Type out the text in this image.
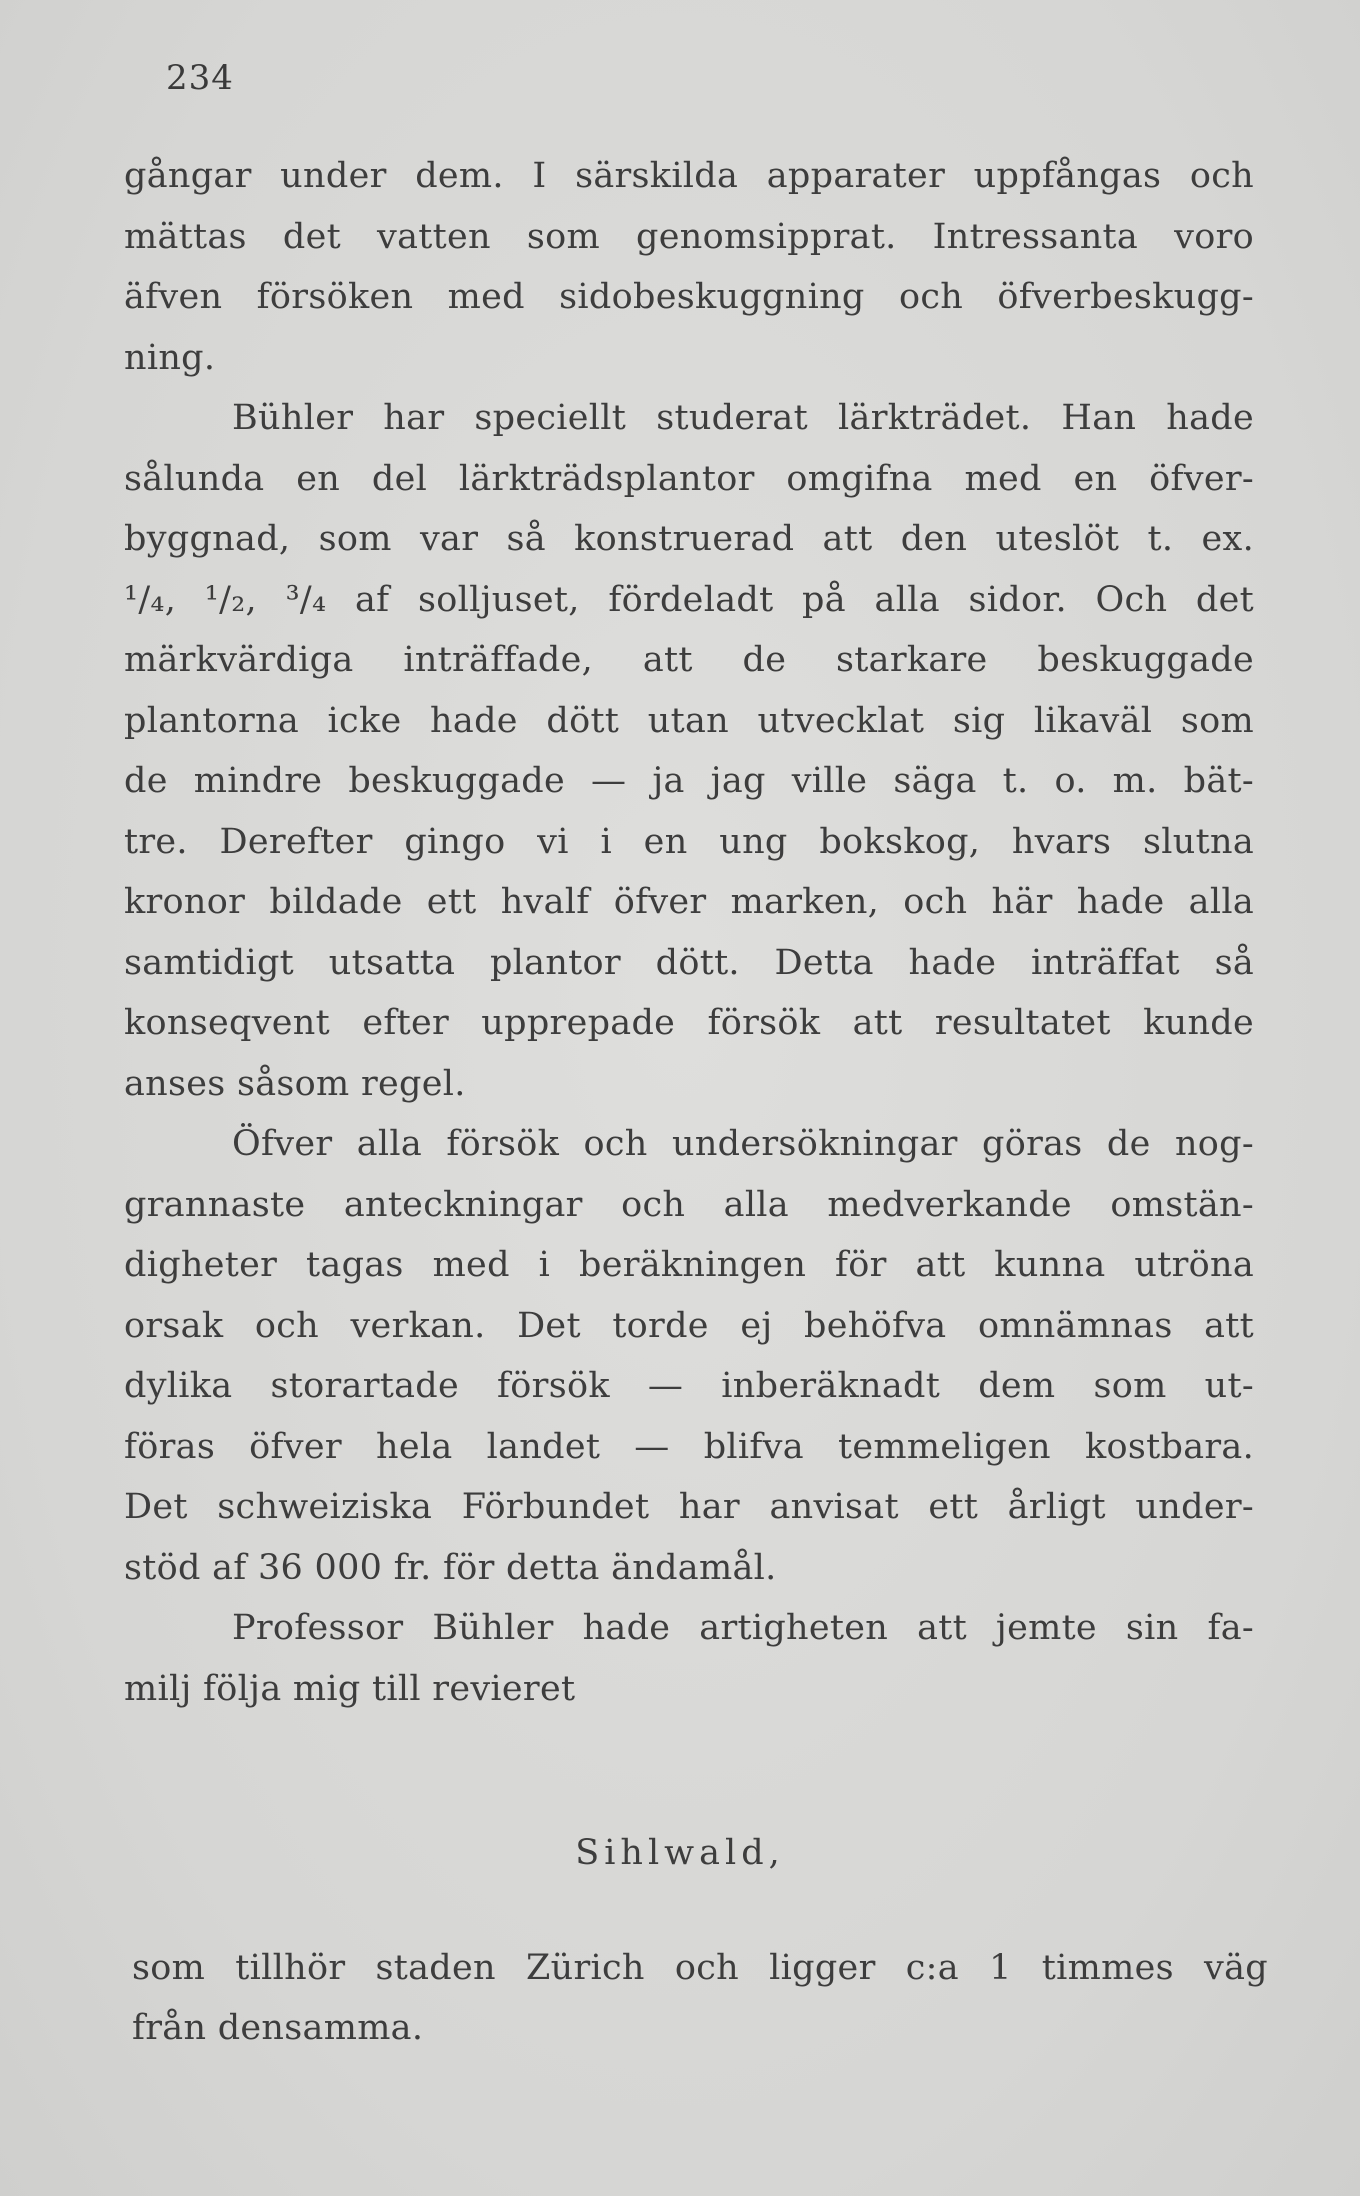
234
gångar under dem. I särskilda apparater uppfångas och
mättas det vatten som genomsipprat. Intressanta voro
äfven försöken med sidobeskuggning och öfverbeskugg-
ning.
Bühler har speciellt studerat lärkträdet. Han hade
sålunda en del lärkträdsplantor omgifna med en öfver-
byggnad, som var så konstruerad att den uteslöt t. ex.
¹/₄, ¹/₂, ³/₄ af solljuset, fördeladt på alla sidor. Och det
märkvärdiga inträffade, att de starkare beskuggade
plantorna icke hade dött utan utvecklat sig likaväl som
de mindre beskuggade — ja jag ville säga t. o. m. bät-
tre. Derefter gingo vi i en ung bokskog, hvars slutna
kronor bildade ett hvalf öfver marken, och här hade alla
samtidigt utsatta plantor dött. Detta hade inträffat så
konseqvent efter upprepade försök att resultatet kunde
anses såsom regel.
Öfver alla försök och undersökningar göras de nog-
grannaste anteckningar och alla medverkande omstän-
digheter tagas med i beräkningen för att kunna utröna
orsak och verkan. Det torde ej behöfva omnämnas att
dylika storartade försök — inberäknadt dem som ut-
föras öfver hela landet — blifva temmeligen kostbara.
Det schweiziska Förbundet har anvisat ett årligt under-
stöd af 36 000 fr. för detta ändamål.
Professor Bühler hade artigheten att jemte sin fa-
milj följa mig till revieret
Sihlwald,
som tillhör staden Zürich och ligger c:a 1 timmes väg
från densamma.
